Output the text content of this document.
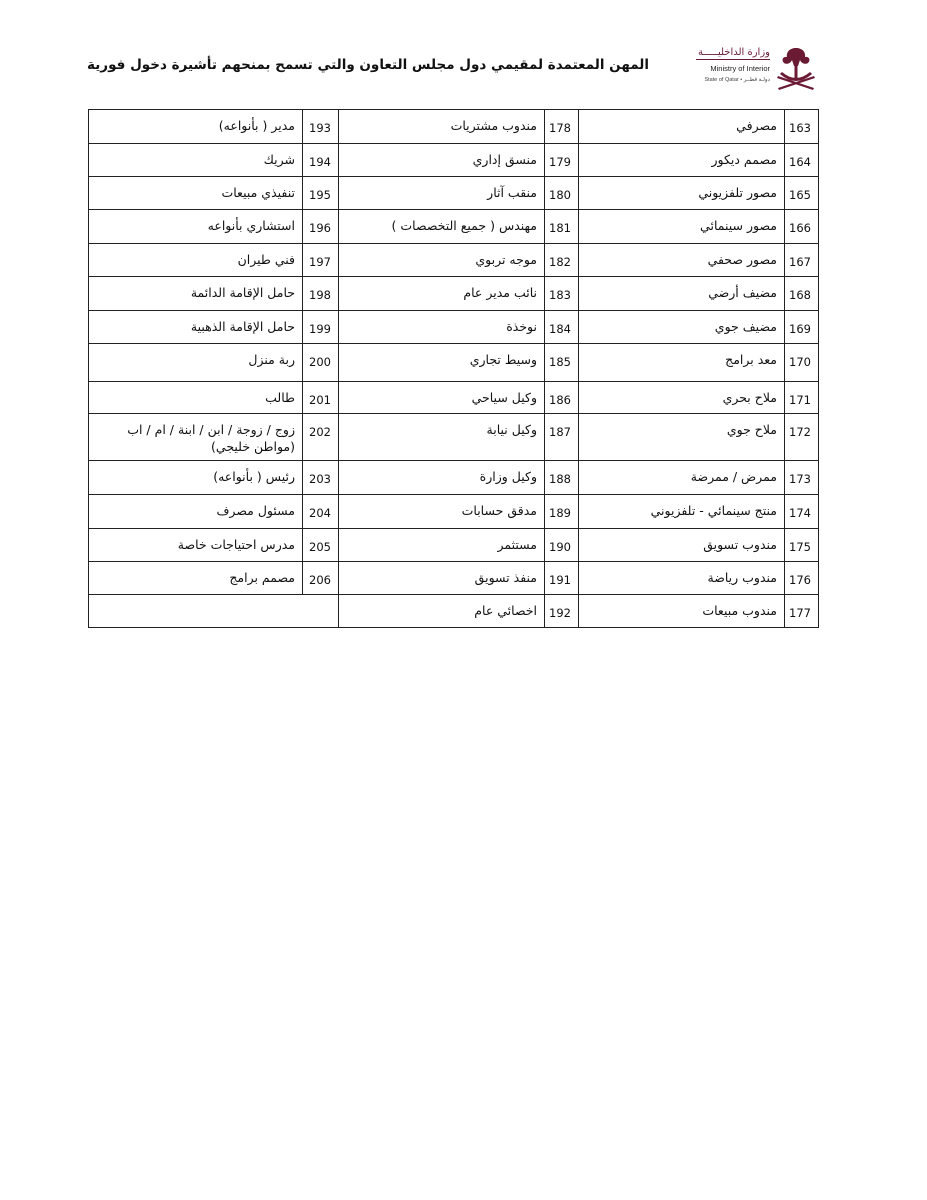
وزارة الداخليـــــة
Ministry of Interior
State of Qatar • دولـة قطــر
المهن المعتمدة لمقيمي دول مجلس التعاون والتي تسمح بمنحهم تأشيرة دخول فورية
163	مصرفي	178	مندوب مشتريات	193	مدير ( بأنواعه)
164	مصمم ديكور	179	منسق إداري	194	شريك
165	مصور تلفزيوني	180	منقب آثار	195	تنفيذي مبيعات
166	مصور سينمائي	181	مهندس ( جميع التخصصات )	196	استشاري بأنواعه
167	مصور صحفي	182	موجه تربوي	197	فني طيران
168	مضيف أرضي	183	نائب مدير عام	198	حامل الإقامة الدائمة
169	مضيف جوي	184	نوخذة	199	حامل الإقامة الذهبية
170	معد برامج	185	وسيط تجاري	200	ربة منزل
171	ملاح بحري	186	وكيل سياحي	201	طالب
172	ملاح جوي	187	وكيل نيابة	202	زوج / زوجة / ابن / ابنة / ام / اب (مواطن خليجي)
173	ممرض / ممرضة	188	وكيل وزارة	203	رئيس ( بأنواعه)
174	منتج سينمائي - تلفزيوني	189	مدقق حسابات	204	مسئول مصرف
175	مندوب تسويق	190	مستثمر	205	مدرس احتياجات خاصة
176	مندوب رياضة	191	منفذ تسويق	206	مصمم برامج
177	مندوب مبيعات	192	اخصائي عام		
